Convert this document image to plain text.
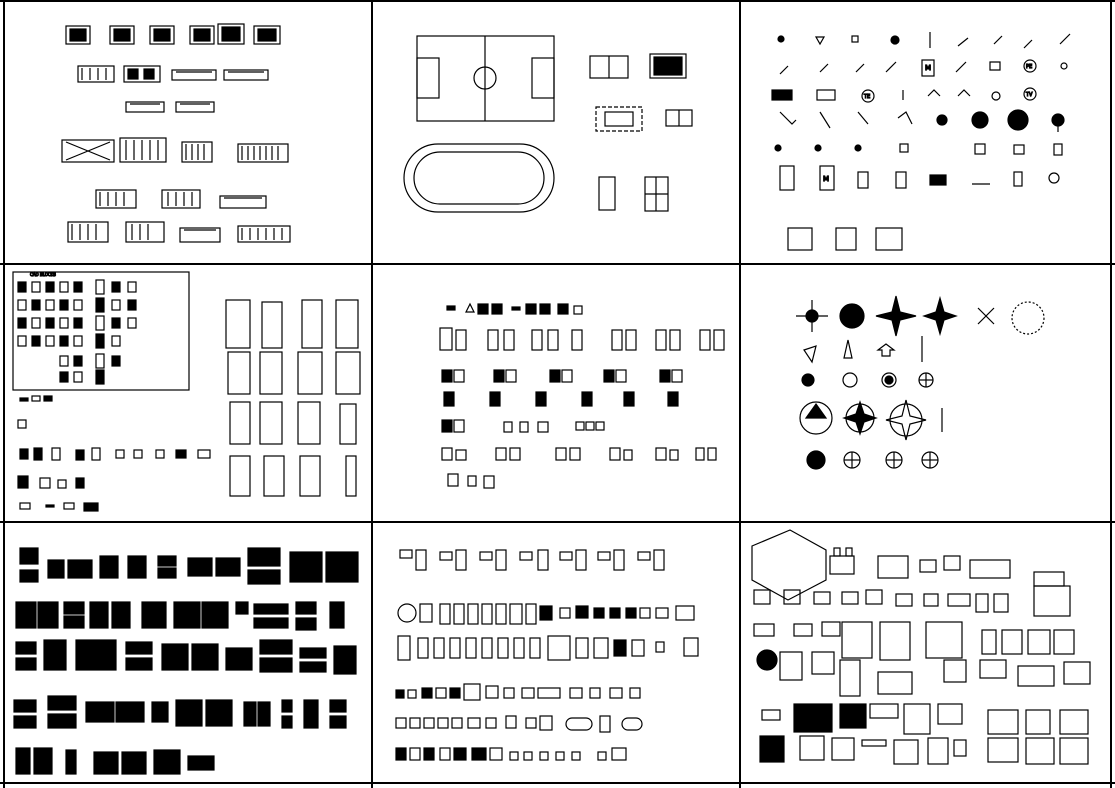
M	PE
TE	TV
M
CAD BLOCKS
